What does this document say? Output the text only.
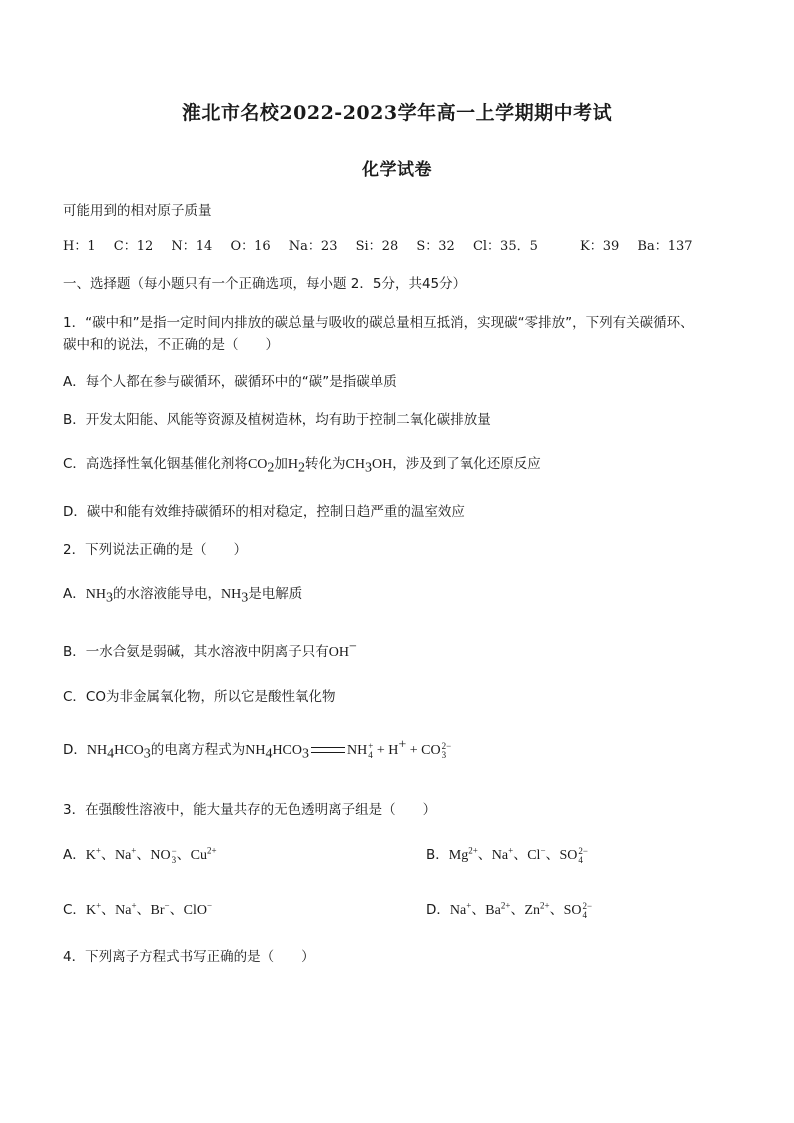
淮北市名校2022-2023学年高一上学期期中考试
化学试卷
可能用到的相对原子质量
H：1 C：12 N：14 O：16 Na：23 Si：28 S：32 Cl：35．5	K：39 Ba：137
一、选择题（每小题只有一个正确选项，每小题 2．5分，共45分）
1．“碳中和”是指一定时间内排放的碳总量与吸收的碳总量相互抵消，实现碳“零排放”，下列有关碳循环、
碳中和的说法，不正确的是（　　）
A．每个人都在参与碳循环，碳循环中的“碳”是指碳单质
B．开发太阳能、风能等资源及植树造林，均有助于控制二氧化碳排放量
C．高选择性氧化铟基催化剂将$CO_2$加$H_2$转化为$CH_3OH$，涉及到了氧化还原反应
D．碳中和能有效维持碳循环的相对稳定，控制日趋严重的温室效应
2．下列说法正确的是（　　）
A．$NH_3$的水溶液能导电，$NH_3$是电解质
B．一水合氨是弱碱，其水溶液中阴离子只有OH−
C．CO为非金属氧化物，所以它是酸性氧化物
D．$NH_4HCO_3$的电离方程式为$NH_4HCO_3$	NH +
4 + H+ + CO 2−
3
3．在强酸性溶液中，能大量共存的无色透明离子组是（　　）
A．K+、Na+、NO −
3 、$Cu^{2+}$	B．$Mg^{2+}$、Na+、Cl−、SO 2−
4
C．K+、Na+、Br−、ClO−	D．Na+、$Ba^{2+}$、$Zn^{2+}$、SO 2−
4
4．下列离子方程式书写正确的是（　　）
